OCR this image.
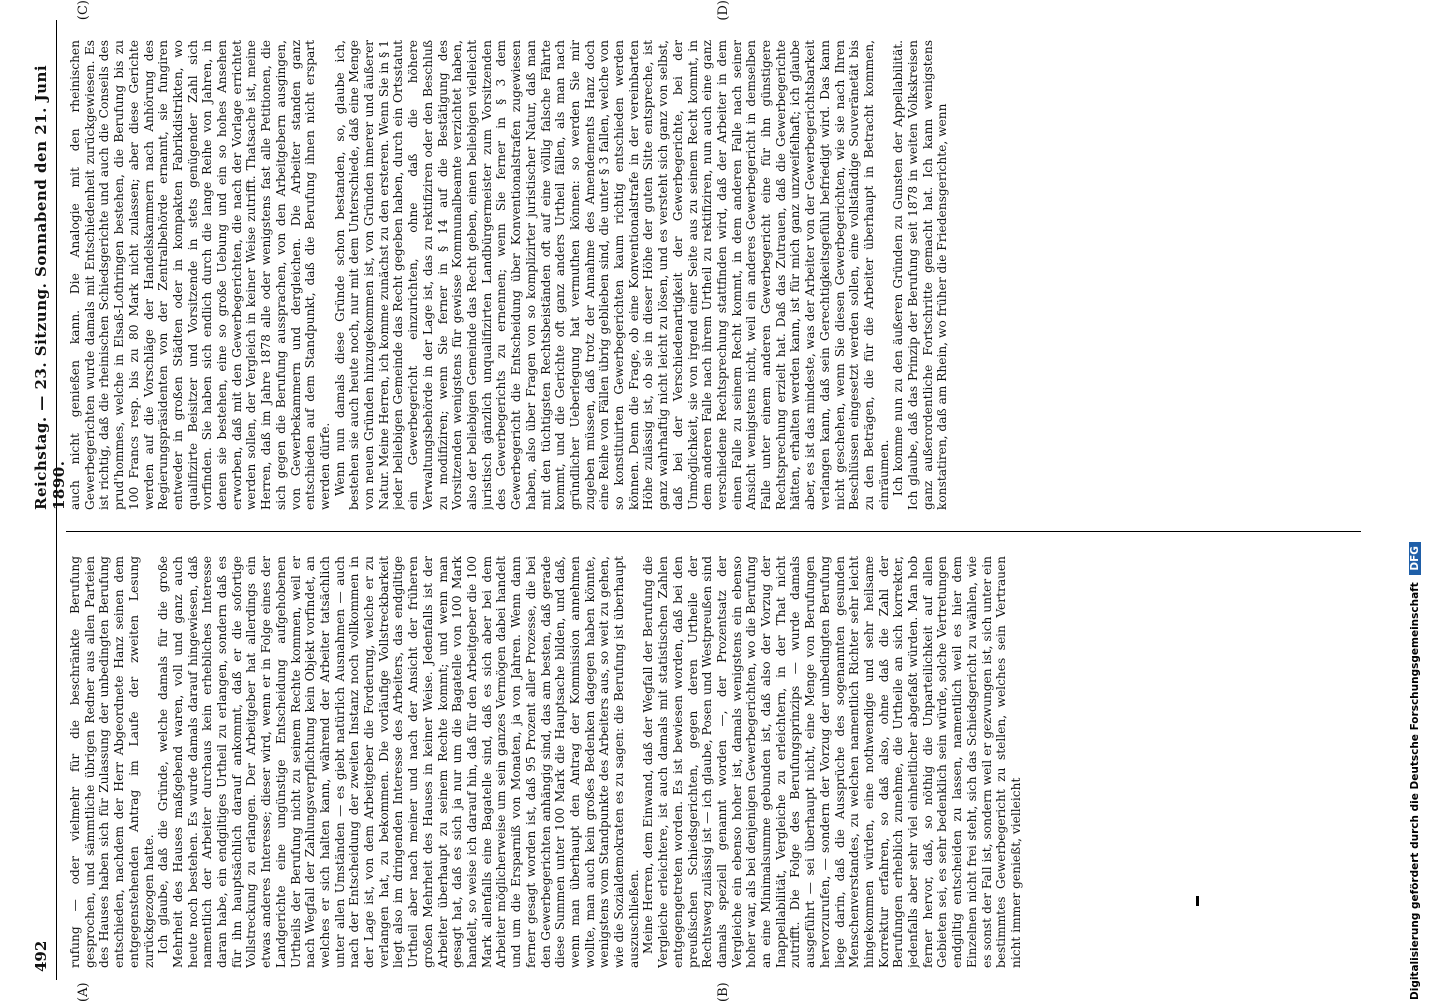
492
Reichstag. — 23. Sitzung. Sonnabend den 21. Juni 1890.
(A)	(B)
(C)	(D)

rufung — oder vielmehr für die beschränkte Berufung gesprochen, und sämmtliche übrigen Redner aus allen Parteien des Hauses haben sich für Zulassung der unbedingten Berufung entschieden, nachdem der Herr Abgeordnete Hanz seinen dem entgegenstehenden Antrag im Laufe der zweiten Lesung zurückgezogen hatte. Ich glaube, daß die Gründe, welche damals für die große Mehrheit des Hauses maßgebend waren, voll und ganz auch heute noch bestehen. Es wurde damals darauf hingewiesen, daß namentlich der Arbeiter durchaus kein erhebliches Interesse daran habe, ein endgiltiges Urtheil zu erlangen, sondern daß es für ihn hauptsächlich darauf ankommt, daß er die sofortige Vollstreckung zu erlangen. Der Arbeitgeber hat allerdings ein etwas anderes Interesse; dieser wird, wenn er in Folge eines der Landgerichte eine ungünstige Entscheidung aufgehobenen Urtheils der Berufung nicht zu seinem Rechte kommen, weil er nach Wegfall der Zahlungsverpflichtung kein Objekt vorfindet, an welches er sich halten kann, während der Arbeiter tatsächlich unter allen Umständen — es giebt natürlich Ausnahmen — auch nach der Entscheidung der zweiten Instanz noch vollkommen in der Lage ist, von dem Arbeitgeber die Forderung, welche er zu verlangen hat, zu bekommen. Die vorläufige Vollstreckbarkeit liegt also im dringenden Interesse des Arbeiters, das endgiltige Urtheil aber nach meiner und nach der Ansicht der früheren großen Mehrheit des Hauses in keiner Weise. Jedenfalls ist der Arbeiter überhaupt zu seinem Rechte kommt; und wenn man gesagt hat, daß es sich ja nur um die Bagatelle von 100 Mark handelt, so weise ich darauf hin, daß für den Arbeitgeber die 100 Mark allenfalls eine Bagatelle sind, daß es sich aber bei dem Arbeiter möglicherweise um sein ganzes Vermögen dabei handelt und um die Ersparniß von Monaten, ja von Jahren. Wenn dann ferner gesagt worden ist, daß 95 Prozent aller Prozesse, die bei den Gewerbegerichten anhängig sind, das am besten, daß gerade diese Summen unter 100 Mark die Hauptsache bilden, und daß, wenn man überhaupt den Antrag der Kommission annehmen wollte, man auch kein großes Bedenken dagegen haben könnte, wenigstens vom Standpunkte des Arbeiters aus, so weit zu gehen, wie die Sozialdemokraten es zu sagen: die Berufung ist überhaupt auszuschließen. Meine Herren, dem Einwand, daß der Wegfall der Berufung die Vergleiche erleichtere, ist auch damals mit statistischen Zahlen entgegengetreten worden. Es ist bewiesen worden, daß bei den preußischen Schiedsgerichten, gegen deren Urtheile der Rechtsweg zulässig ist — ich glaube, Posen und Westpreußen sind damals speziell genannt worden —, der Prozentsatz der Vergleiche ein ebenso hoher ist, damals wenigstens ein ebenso hoher war, als bei denjenigen Gewerbegerichten, wo die Berufung an eine Minimalsumme gebunden ist, daß also der Vorzug der Inappellabilität, Vergleiche zu erleichtern, in der That nicht zutrifft. Die Folge des Berufungsprinzips — wurde damals ausgeführt — sei überhaupt nicht, eine Menge von Berufungen hervorzurufen, — sondern der Vorzug der unbedingten Berufung liege darin, daß die Aussprüche des sogenannten gesunden Menschenverstandes, zu welchen namentlich Richter sehr leicht hingekommen würden, eine nothwendige und sehr heilsame Korrektur erfahren, so daß also, ohne daß die Zahl der Berufungen erheblich zunehme, die Urtheile an sich korrekter, jedenfalls aber sehr viel einheitlicher abgefaßt würden. Man hob ferner hervor, daß, so nöthig die Unparteilichkeit auf allen Gebieten sei, es sehr bedenklich sein würde, solche Vertretungen endgiltig entscheiden zu lassen, namentlich weil es hier dem Einzelnen nicht frei steht, sich das Schiedsgericht zu wählen, wie es sonst der Fall ist, sondern weil er gezwungen ist, sich unter ein bestimmtes Gewerbegericht zu stellen, welches sein Vertrauen nicht immer genießt, vielleicht

auch nicht genießen kann. Die Analogie mit den rheinischen Gewerbegerichten wurde damals mit Entschiedenheit zurückgewiesen. Es ist richtig, daß die rheinischen Schiedsgerichte und auch die Conseils des prud'hommes, welche in Elsaß-Lothringen bestehen, die Berufung bis zu 100 Francs resp. bis zu 80 Mark nicht zulassen; aber diese Gerichte werden auf die Vorschläge der Handelskammern nach Anhörung des Regierungspräsidenten von der Zentralbehörde ernannt, sie fungiren entweder in großen Städten oder in kompakten Fabrikdistrikten, wo qualifizirte Beisitzer und Vorsitzende in stets genügender Zahl sich vorfinden. Sie haben sich endlich durch die lange Reihe von Jahren, in denen sie bestehen, eine so große Uebung und ein so hohes Ansehen erworben, daß mit den Gewerbegerichten, die nach der Vorlage errichtet werden sollen, der Vergleich in keiner Weise zutrifft. Thatsache ist, meine Herren, daß im Jahre 1878 alle oder wenigstens fast alle Petitionen, die sich gegen die Berufung aussprachen, von den Arbeitgebern ausgingen, von Gewerbekammern und dergleichen. Die Arbeiter standen ganz entschieden auf dem Standpunkt, daß die Berufung ihnen nicht erspart werden dürfe. Wenn nun damals diese Gründe schon bestanden, so, glaube ich, bestehen sie auch heute noch, nur mit dem Unterschiede, daß eine Menge von neuen Gründen hinzugekommen ist, von Gründen innerer und äußerer Natur. Meine Herren, ich komme zunächst zu den ersteren. Wenn Sie in § 1 jeder beliebigen Gemeinde das Recht gegeben haben, durch ein Ortsstatut ein Gewerbegericht einzurichten, ohne daß die höhere Verwaltungsbehörde in der Lage ist, das zu rektifiziren oder den Beschluß zu modifiziren; wenn Sie ferner in § 14 auf die Bestätigung des Vorsitzenden wenigstens für gewisse Kommunalbeamte verzichtet haben, also der beliebigen Gemeinde das Recht geben, einen beliebigen vielleicht juristisch gänzlich unqualifizirten Landbürgermeister zum Vorsitzenden des Gewerbegerichts zu ernennen; wenn Sie ferner in § 3 dem Gewerbegericht die Entscheidung über Konventionalstrafen zugewiesen haben, also über Fragen von so komplizirter juristischer Natur, daß man mit den tüchtigsten Rechtsbeiständen oft auf eine völlig falsche Fährte kommt, und die Gerichte oft ganz anders Urtheil fällen, als man nach gründlicher Ueberlegung hat vermuthen können: so werden Sie mir zugeben müssen, daß trotz der Annahme des Amendements Hanz doch eine Reihe von Fällen übrig geblieben sind, die unter § 3 fallen, welche von so konstituirten Gewerbegerichten kaum richtig entschieden werden können. Denn die Frage, ob eine Konventionalstrafe in der vereinbarten Höhe zulässig ist, ob sie in dieser Höhe der guten Sitte entspreche, ist ganz wahrhaftig nicht leicht zu lösen, und es versteht sich ganz von selbst, daß bei der Verschiedenartigkeit der Gewerbegerichte, bei der Unmöglichkeit, sie von irgend einer Seite aus zu seinem Recht kommt, in dem anderen Falle nach ihrem Urtheil zu rektifiziren, nun auch eine ganz verschiedene Rechtsprechung stattfinden wird, daß der Arbeiter in dem einen Falle zu seinem Recht kommt, in dem anderen Falle nach seiner Ansicht wenigstens nicht, weil ein anderes Gewerbegericht in demselben Falle unter einem anderen Gewerbegericht eine für ihn günstigere Rechtsprechung erzielt hat. Daß das Zutrauen, daß die Gewerbegerichte hätten, erhalten werden kann, ist für mich ganz unzweifelhaft; ich glaube aber, es ist das mindeste, was der Arbeiter von der Gewerbegerichtsbarkeit verlangen kann, daß sein Gerechtigkeitsgefühl befriedigt wird. Das kann nicht geschehen, wenn Sie diesen Gewerbegerichten, wie sie nach Ihren Beschlüssen eingesetzt werden sollen, eine vollständige Souveränetät bis zu den Beträgen, die für die Arbeiter überhaupt in Betracht kommen, einräumen. Ich komme nun zu den äußeren Gründen zu Gunsten der Appellabilität. Ich glaube, daß das Prinzip der Berufung seit 1878 in weiten Volkskreisen ganz außerordentliche Fortschritte gemacht hat. Ich kann wenigstens konstatiren, daß am Rhein, wo früher die Friedensgerichte, wenn

Digitalisierung gefördert durch die Deutsche Forschungsgemeinschaft DFG
